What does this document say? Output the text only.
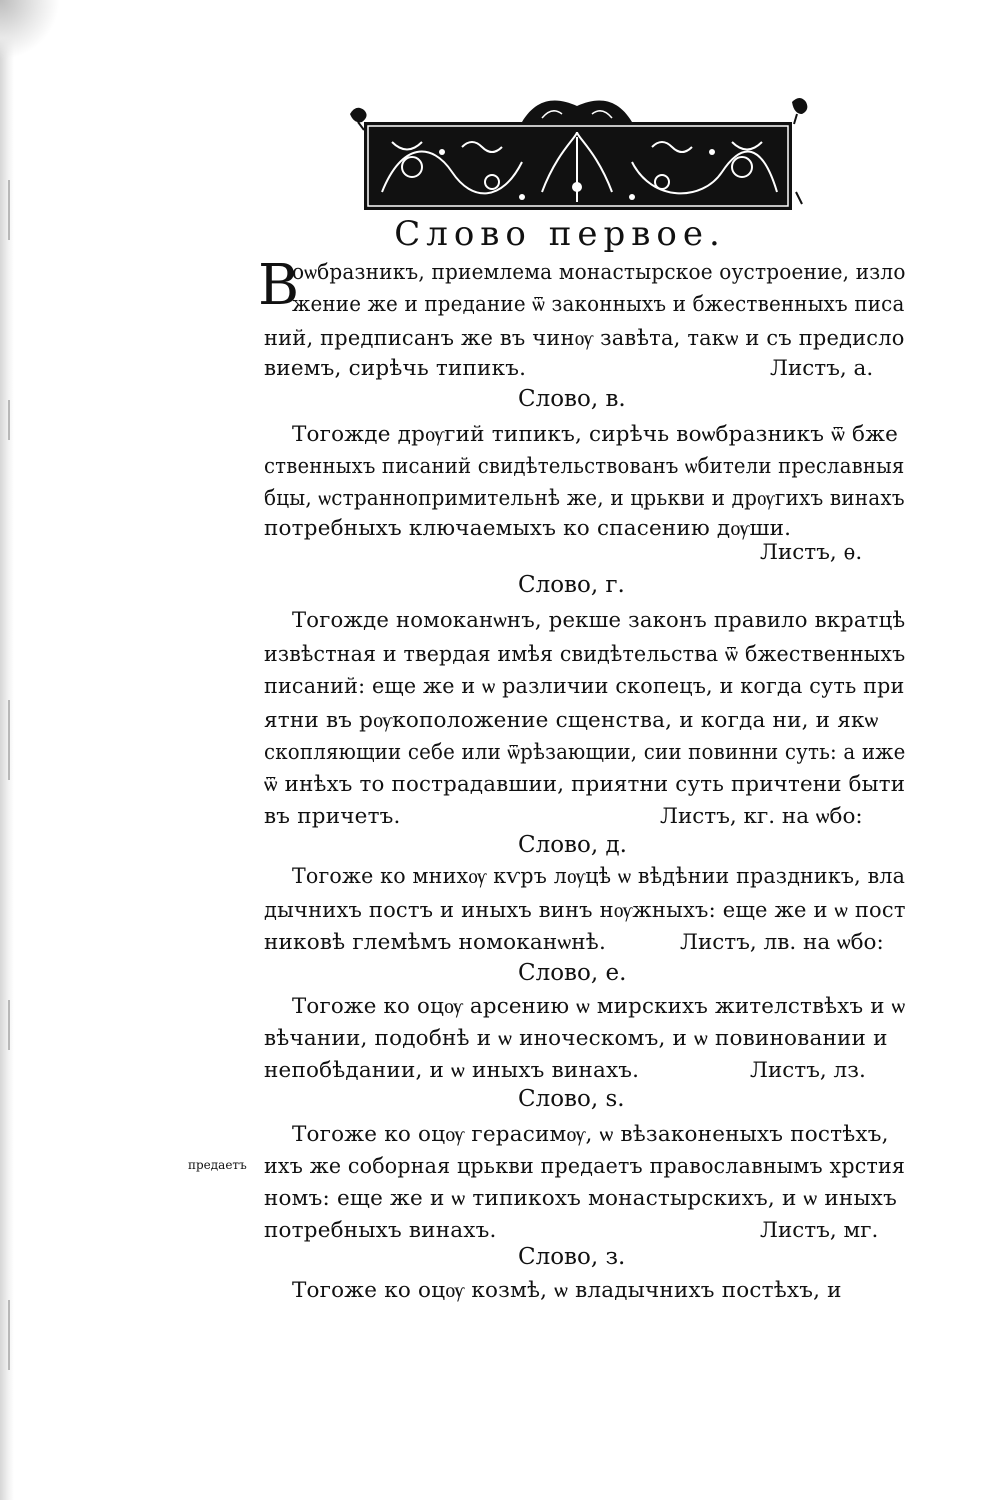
Слово первое.
В
оѡбразникъ, приемлема монастырское оустроение, изло
жение же и предание ѿ законныхъ и бжественныхъ писа
ний, предписанъ же въ чинѹ завѣта, такѡ и съ предисло
виемъ, сирѣчь типикъ.	Листъ, а.
Слово, в.
Тогожде дрѹгий типикъ, сирѣчь воѡбразникъ ѿ бже
ственныхъ писаний свидѣтельствованъ ѡбители преславныя
бцы, ѡстраннопримительнѣ же, и црькви и дрѹгихъ винахъ
потребныхъ ключаемыхъ ко спасению дѹши.
Листъ, ѳ.
Слово, г.
Тогожде номоканѡнъ, рекше законъ правило вкратцѣ
извѣстная и твердая имѣя свидѣтельства ѿ бжественныхъ
писаний: еще же и ѡ различии скопецъ, и когда суть при
ятни въ рѹкоположение сщенства, и когда ни, и якѡ
скопляющии себе или ѿрѣзающии, сии повинни суть: а иже
ѿ инѣхъ то пострадавшии, приятни суть причтени быти
въ причетъ.	Листъ, кг. на ѡбо:
Слово, д.
Тогожe ко мнихѹ кѵръ лѹцѣ ѡ вѣдѣнии праздникъ, вла
дычнихъ постъ и иныхъ винъ нѹжныхъ: еще же и ѡ пост
никовѣ глемѣмъ номоканѡнѣ.	Листъ, лв. на ѡбо:
Слово, е.
Тогожe ко оцѹ арсению ѡ мирскихъ жителствѣхъ и ѡ
вѣчании, подобнѣ и ѡ иноческомъ, и ѡ повиновании и
непобѣдании, и ѡ иныхъ винахъ.	Листъ, лз.
Слово, ѕ.
Тогожe ко оцѹ герасимѹ, ѡ вѣзаконеныхъ постѣхъ,
предаетъ ихъ же соборная црькви предаетъ православнымъ хрстия
номъ: еще же и ѡ типикохъ монастырскихъ, и ѡ иныхъ
потребныхъ винахъ.	Листъ, мг.
Слово, з.
Тогожe ко оцѹ козмѣ, ѡ владычнихъ постѣхъ, и
